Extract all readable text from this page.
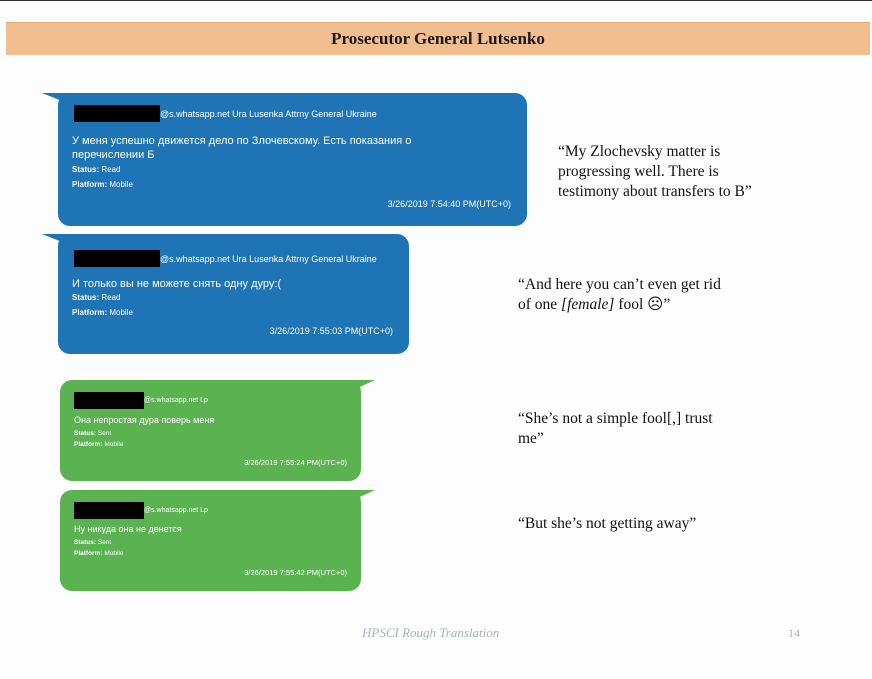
Prosecutor General Lutsenko
@s.whatsapp.net Ura Lusenka Attrny General Ukraine
У меня успешно движется дело по Злочевскому. Есть показания о
перечислении Б
Status: Read
Platform: Mobile
3/26/2019 7:54:40 PM(UTC+0)
@s.whatsapp.net Ura Lusenka Attrny General Ukraine
И только вы не можете снять одну дуру:(
Status: Read
Platform: Mobile
3/26/2019 7:55:03 PM(UTC+0)
@s.whatsapp.net Lp
Она непростая дура поверь меня
Status: Sent
Platform: Mobile
3/26/2019 7:55:24 PM(UTC+0)
@s.whatsapp.net Lp
Ну никуда она не денется
Status: Sent
Platform: Mobile
3/26/2019 7:55:42 PM(UTC+0)
“My Zlochevsky matter is
progressing well. There is
testimony about transfers to B”
“And here you can’t even get rid
of one [female] fool ☹”
“She’s not a simple fool[,] trust
me”
“But she’s not getting away”
HPSCI Rough Translation	14
